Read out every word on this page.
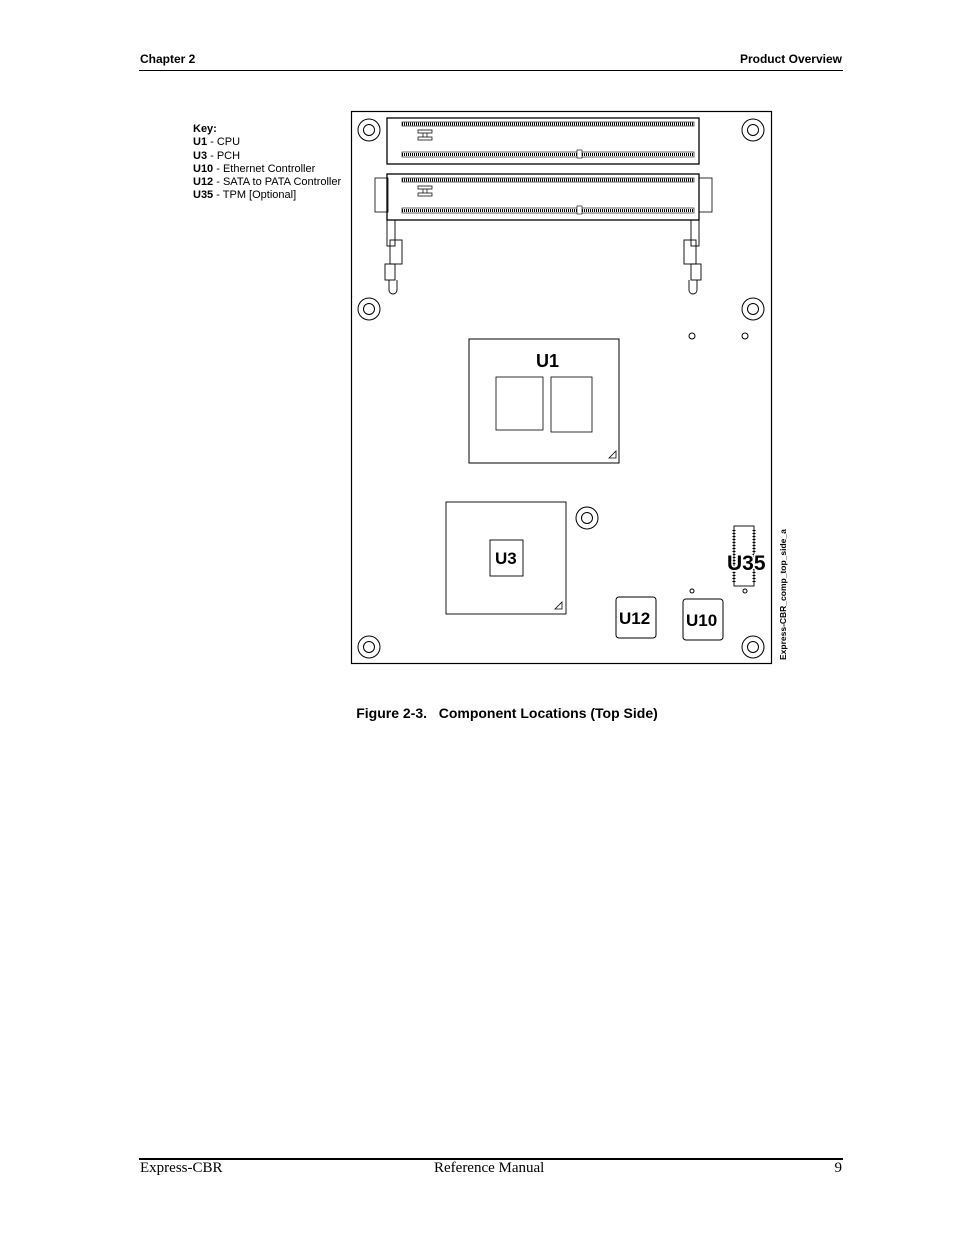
Chapter 2	Product Overview
Key:
U1 - CPU
U3 - PCH
U10 - Ethernet Controller
U12 - SATA to PATA Controller
U35 - TPM [Optional]
U1
U3	U35
U12 U10	Express-CBR_comp_top_side_a
Figure 2-3. Component Locations (Top Side)
Express-CBR	Reference Manual	9
